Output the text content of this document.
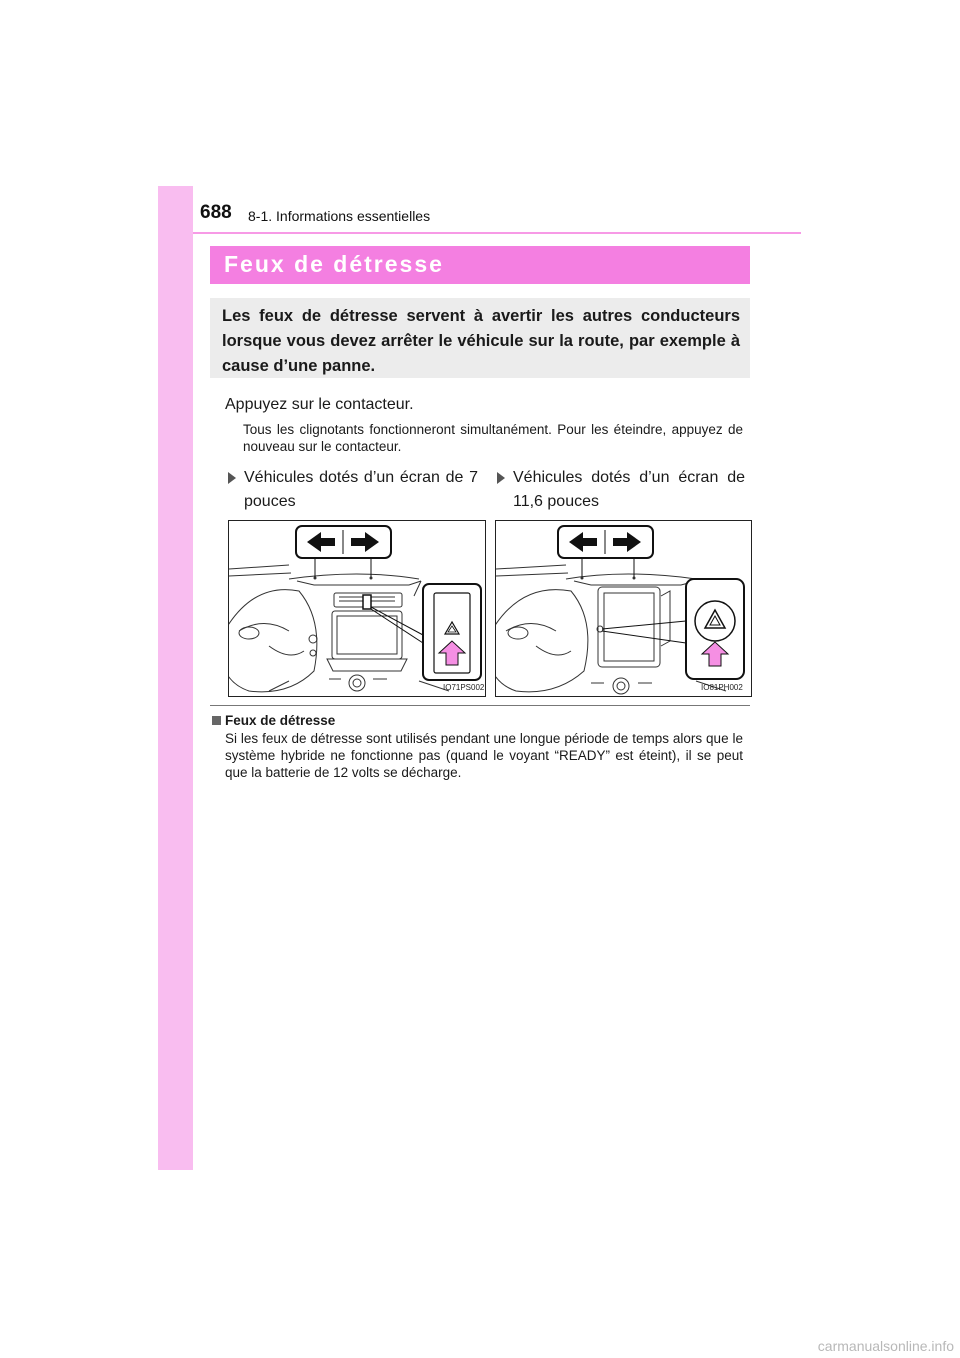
688 8-1. Informations essentielles
Feux de détresse
Les feux de détresse servent à avertir les autres conducteurs lorsque vous devez arrêter le véhicule sur la route, par exemple à cause d’une panne.
Appuyez sur le contacteur.
Tous les clignotants fonctionneront simultanément. Pour les éteindre, appuyez de nouveau sur le contacteur.
Véhicules dotés d’un écran de 7 pouces
Véhicules dotés d’un écran de 11,6 pouces
IO71PS002	IO81PH002
Feux de détresse
Si les feux de détresse sont utilisés pendant une longue période de temps alors que le système hybride ne fonctionne pas (quand le voyant “READY” est éteint), il se peut que la batterie de 12 volts se décharge.
carmanualsonline.info
